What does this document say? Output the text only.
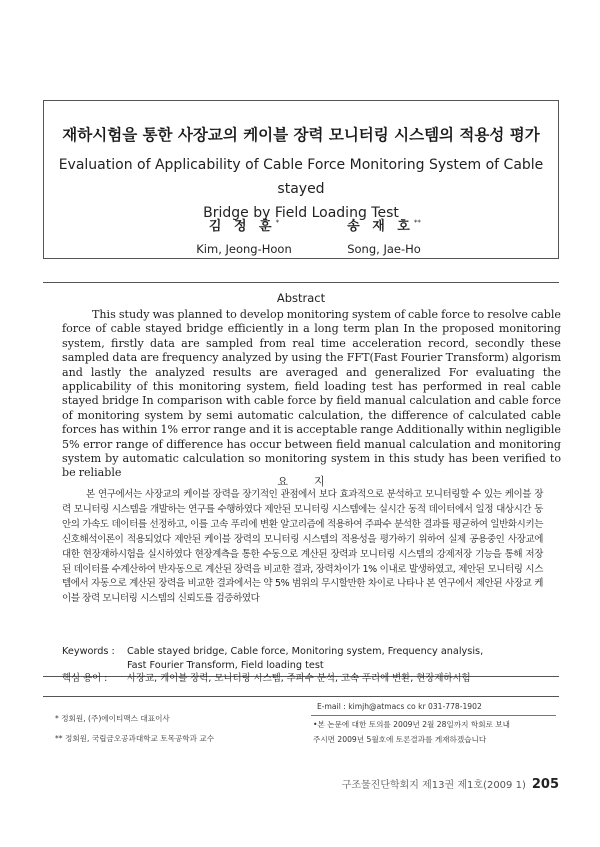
재하시험을 통한 사장교의 케이블 장력 모니터링 시스템의 적용성 평가
Evaluation of Applicability of Cable Force Monitoring System of Cable stayed
Bridge by Field Loading Test
김 정 훈*
Kim, Jeong-Hoon
송 재 호**
Song, Jae-Ho
Abstract
This study was planned to develop monitoring system of cable force to resolve cable force of cable stayed bridge efficiently in a long term plan In the proposed monitoring system, firstly data are sampled from real time acceleration record, secondly these sampled data are frequency analyzed by using the FFT(Fast Fourier Transform) algorism and lastly the analyzed results are averaged and generalized For evaluating the applicability of this monitoring system, field loading test has performed in real cable stayed bridge In comparison with cable force by field manual calculation and cable force of monitoring system by semi automatic calculation, the difference of calculated cable forces has within 1% error range and it is acceptable range Additionally within negligible 5% error range of difference has occur between field manual calculation and monitoring system by automatic calculation so monitoring system in this study has been verified to be reliable
요지
본 연구에서는 사장교의 케이블 장력을 장기적인 관점에서 보다 효과적으로 분석하고 모니터링할 수 있는 케이블 장력 모니터링 시스템을 개발하는 연구를 수행하였다 제안된 모니터링 시스템에는 실시간 동적 데이터에서 일정 대상시간 동안의 가속도 데이터를 선정하고, 이를 고속 푸리에 변환 알고리즘에 적용하여 주파수 분석한 결과를 평균하여 일반화시키는 신호해석이론이 적용되었다 제안된 케이블 장력의 모니터링 시스템의 적용성을 평가하기 위하여 실제 공용중인 사장교에 대한 현장재하시험을 실시하였다 현장계측을 통한 수동으로 계산된 장력과 모니터링 시스템의 강제저장 기능을 통해 저장된 데이터를 수계산하여 반자동으로 계산된 장력을 비교한 결과, 장력차이가 1% 이내로 발생하였고, 제안된 모니터링 시스템에서 자동으로 계산된 장력을 비교한 결과에서는 약 5% 범위의 무시할만한 차이로 나타나 본 연구에서 제안된 사장교 케이블 장력 모니터링 시스템의 신뢰도를 검증하였다
Keywords : Cable stayed bridge, Cable force, Monitoring system, Frequency analysis,
Fast Fourier Transform, Field loading test
핵심 용어 : 사장교, 케이블 장력, 모니터링 시스템, 주파수 분석, 고속 푸리에 변환, 현장재하시험
* 정회원, (주)에이티맥스 대표이사
** 정회원, 국립금오공과대학교 토목공학과 교수
E-mail : kimjh@atmacs co kr 031-778-1902
•본 논문에 대한 토의를 2009년 2월 28일까지 학회로 보내
주시면 2009년 5월호에 토론결과를 게재하겠습니다
구조물진단학회지 제13권 제1호(2009 1) 205
